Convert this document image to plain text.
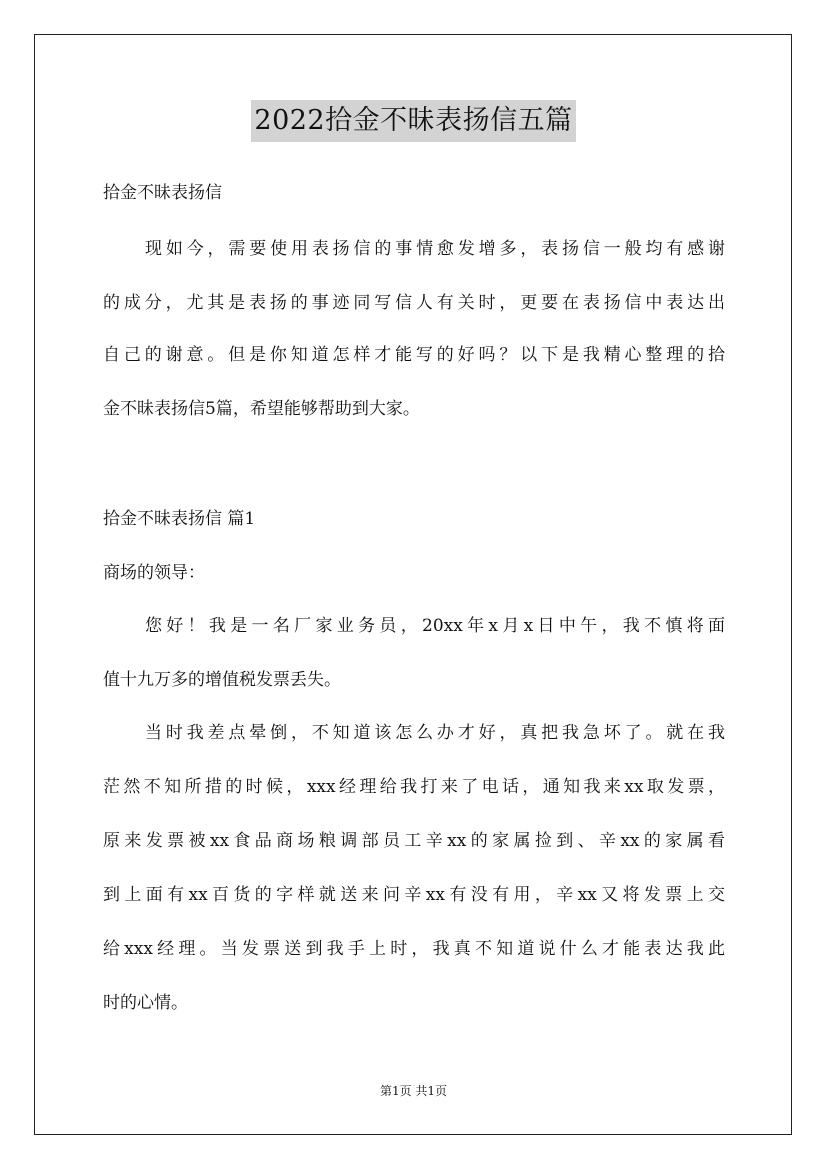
2022拾金不昧表扬信五篇
拾金不昧表扬信
现如今，需要使用表扬信的事情愈发增多，表扬信一般均有感谢
的成分，尤其是表扬的事迹同写信人有关时，更要在表扬信中表达出
自己的谢意。但是你知道怎样才能写的好吗？以下是我精心整理的拾
金不昧表扬信5篇，希望能够帮助到大家。
拾金不昧表扬信 篇1
商场的领导：
您好！我是一名厂家业务员，20xx年x月x日中午，我不慎将面
值十九万多的增值税发票丢失。
当时我差点晕倒，不知道该怎么办才好，真把我急坏了。就在我
茫然不知所措的时候，xxx经理给我打来了电话，通知我来xx取发票，
原来发票被xx食品商场粮调部员工辛xx的家属捡到、辛xx的家属看
到上面有xx百货的字样就送来问辛xx有没有用，辛xx又将发票上交
给xxx经理。当发票送到我手上时，我真不知道说什么才能表达我此
时的心情。
第1页 共1页
